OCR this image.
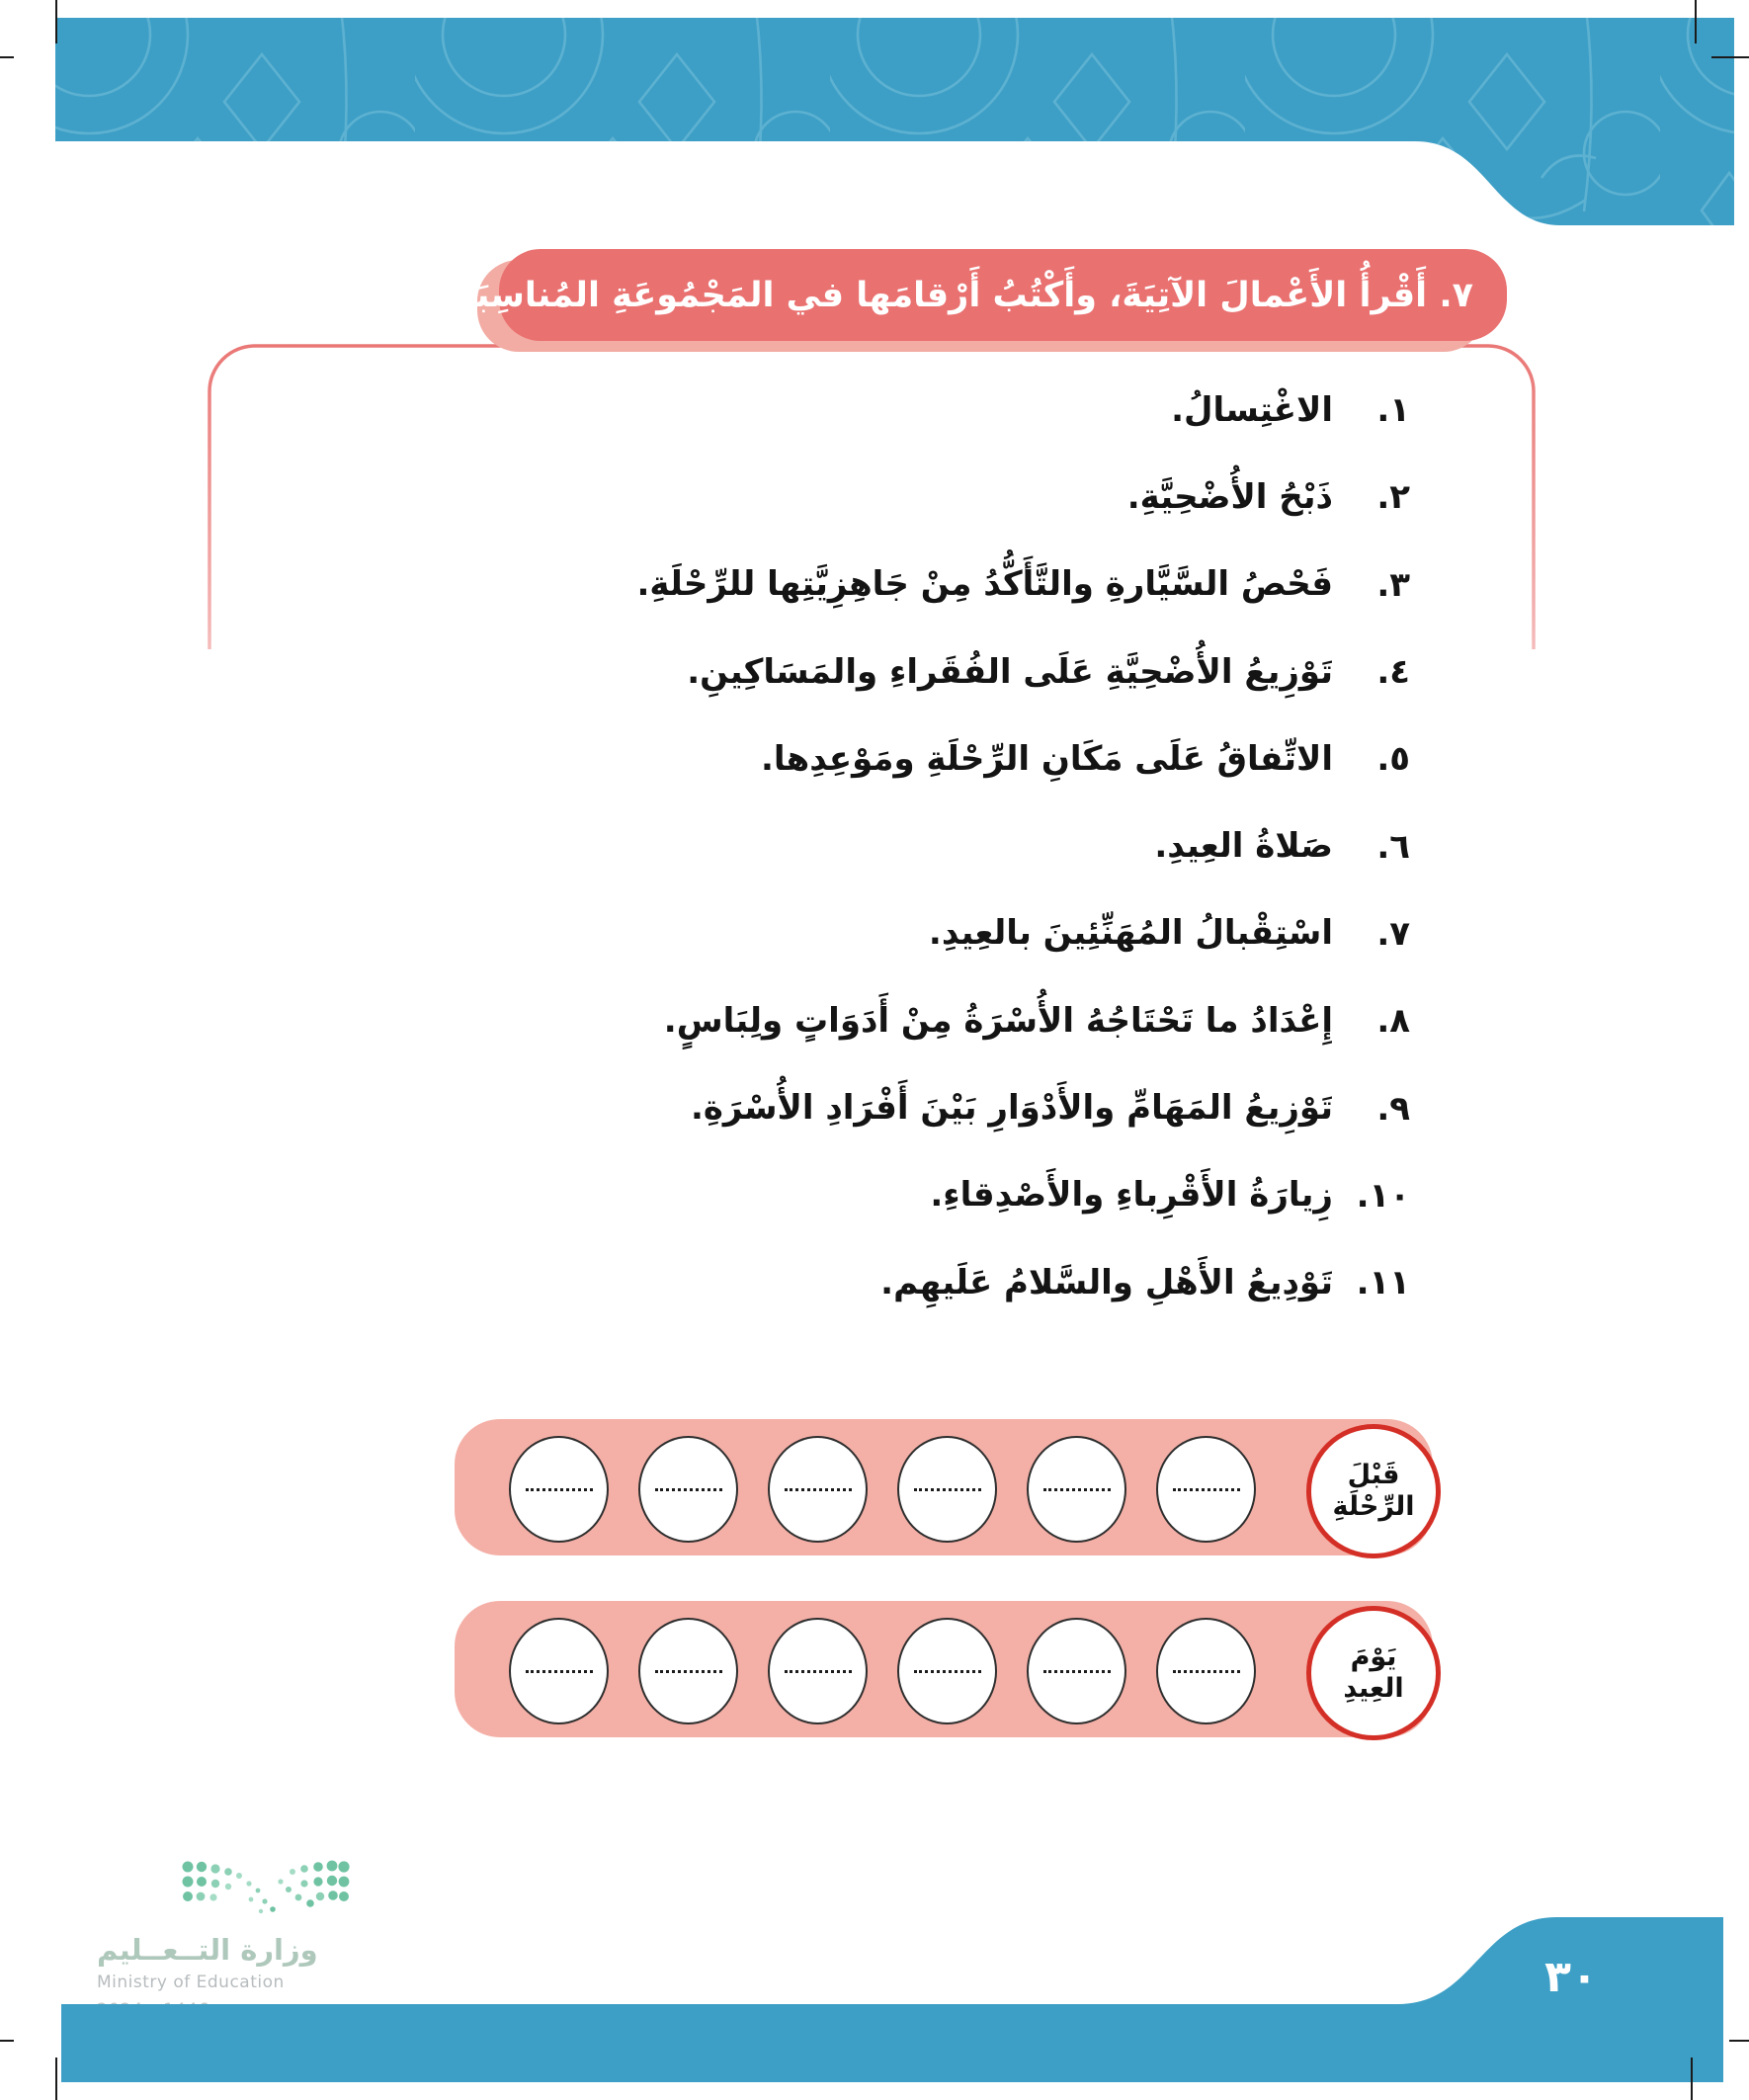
٧. أَقْرأُ الأَعْمالَ الآتِيَةَ، وأَكْتُبُ أَرْقامَها في المَجْمُوعَةِ المُناسِبَةِ:
١.
الاغْتِسالُ.
٢.
ذَبْحُ الأُضْحِيَّةِ.
٣.
فَحْصُ السَّيَّارةِ والتَّأَكُّدُ مِنْ جَاهِزِيَّتِها للرِّحْلَةِ.
٤.
تَوْزِيعُ الأُضْحِيَّةِ عَلَى الفُقَراءِ والمَسَاكِينِ.
٥.
الاتِّفاقُ عَلَى مَكَانِ الرِّحْلَةِ ومَوْعِدِها.
٦.
صَلاةُ العِيدِ.
٧.
اسْتِقْبالُ المُهَنِّئِينَ بالعِيدِ.
٨.
إِعْدَادُ ما تَحْتَاجُهُ الأُسْرَةُ مِنْ أَدَوَاتٍ ولِبَاسٍ.
٩.
تَوْزِيعُ المَهَامِّ والأَدْوَارِ بَيْنَ أَفْرَادِ الأُسْرَةِ.
١٠.
زِيارَةُ الأَقْرِباءِ والأَصْدِقاءِ.
١١.
تَوْدِيعُ الأَهْلِ والسَّلامُ عَلَيهِم.
قَبْلَ
الرِّحْلَةِ
يَوْمَ
العِيدِ
وزارة التــعــليم
Ministry of Education	٣٠
